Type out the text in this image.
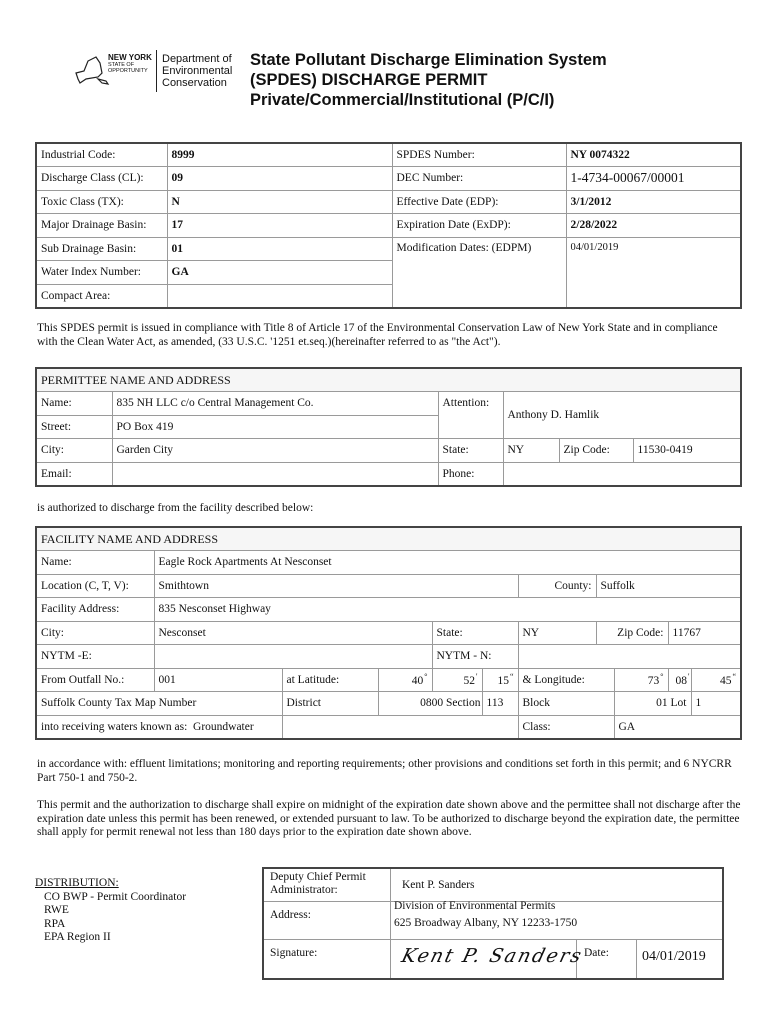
NEW YORK
STATE OF
OPPORTUNITY
Department of
Environmental
Conservation
State Pollutant Discharge Elimination System
(SPDES) DISCHARGE PERMIT
Private/Commercial/Institutional (P/C/I)
Industrial Code:	8999	SPDES Number:	NY 0074322
Discharge Class (CL):	09	DEC Number:	1-4734-00067/00001
Toxic Class (TX):	N	Effective Date (EDP):	3/1/2012
Major Drainage Basin:	17	Expiration Date (ExDP):	2/28/2022
Sub Drainage Basin:	01	Modification Dates: (EDPM)	04/01/2019
Water Index Number:	GA		
Compact Area:			
This SPDES permit is issued in compliance with Title 8 of Article 17 of the Environmental Conservation Law of New York State and in compliance with the Clean Water Act, as amended, (33 U.S.C. '1251 et.seq.)(hereinafter referred to as "the Act").
PERMITTEE NAME AND ADDRESS					
Name:	835 NH LLC c/o Central Management Co.	Attention:	Anthony D. Hamlik		
Street:	PO Box 419				
City:	Garden City	State:	NY	Zip Code:	11530-0419
Email:		Phone:			
is authorized to discharge from the facility described below:
FACILITY NAME AND ADDRESS										
Name:	Eagle Rock Apartments At Nesconset									
Location (C, T, V):	Smithtown					County:	Suffolk			
Facility Address:	835 Nesconset Highway									
City:	Nesconset			State:		NY	Zip Code:		11767	
NYTM -E:				NYTM - N:						
From Outfall No.:	001	at Latitude:	40°	52'	15“	& Longitude:		73°	08'	45“
Suffolk County Tax Map Number		District	0800 Section		113	Block		01 Lot		1
into receiving waters known as: Groundwater						Class:		GA		
in accordance with: effluent limitations; monitoring and reporting requirements; other provisions and conditions set forth in this permit; and 6 NYCRR Part 750-1 and 750-2.
This permit and the authorization to discharge shall expire on midnight of the expiration date shown above and the permittee shall not discharge after the expiration date unless this permit has been renewed, or extended pursuant to law. To be authorized to discharge beyond the expiration date, the permittee shall apply for permit renewal not less than 180 days prior to the expiration date shown above.
DISTRIBUTION:
CO BWP - Permit Coordinator
RWE
RPA
EPA Region II
Deputy Chief Permit Administrator:	Kent P. Sanders
Address:
Division of Environmental Permits
625 Broadway Albany, NY 12233-1750
Signature:	Kent P. Sanders
Date: 04/01/2019
